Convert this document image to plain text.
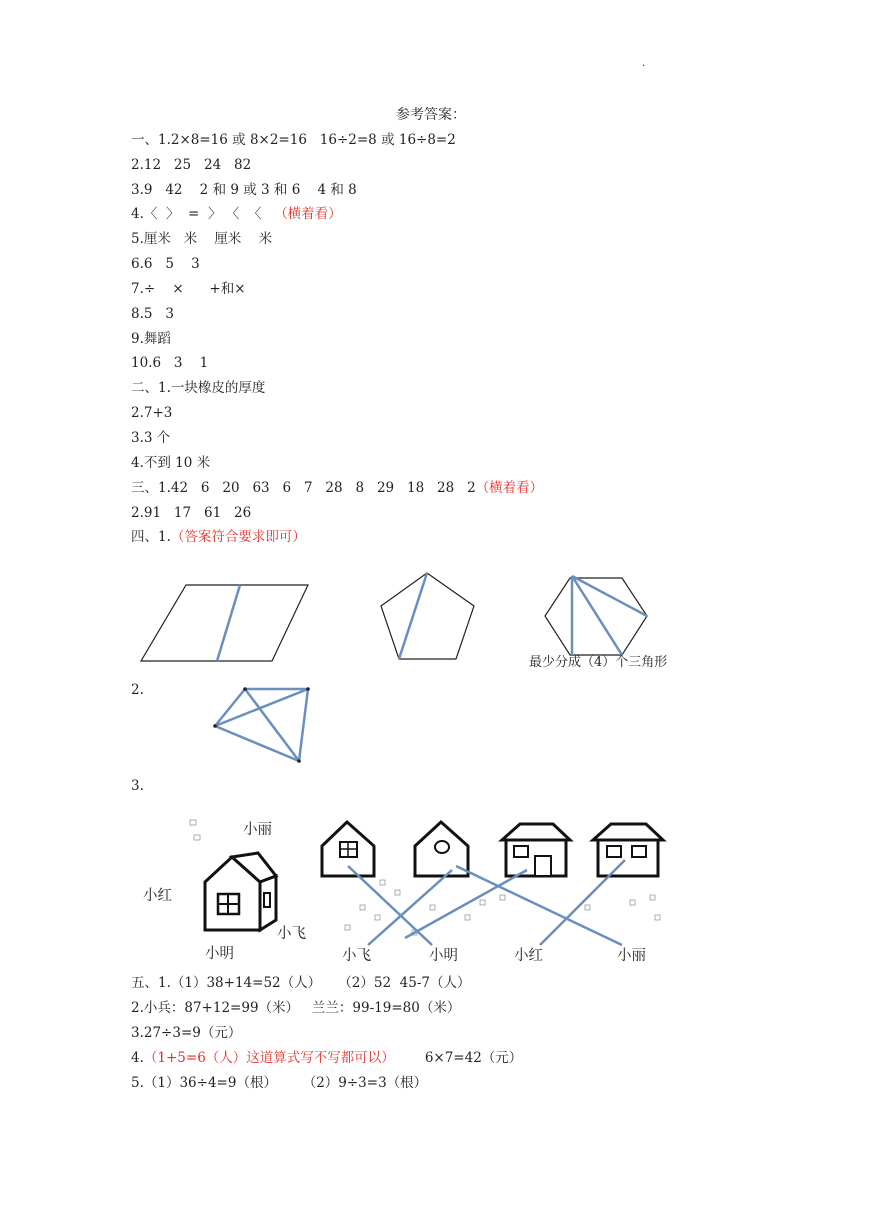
.
参考答案：
一、1.2×8=16 或 8×2=16   16÷2=8 或 16÷8=2
2.12   25   24   82
3.9   42    2 和 9 或 3 和 6    4 和 8
4.〈  〉  =  〉 〈  〈   （横着看）
5.厘米   米    厘米    米
6.6   5    3
7.÷    ×      +和×
8.5   3
9.舞蹈
10.6   3    1
二、1.一块橡皮的厚度
2.7+3
3.3 个
4.不到 10 米
三、1.42   6   20   63   6   7   28   8   29   18   28   2（横着看）
2.91   17   61   26
四、1.（答案符合要求即可）
最少分成（4）个三角形
2.
3.
小丽
小红
小飞
小明	小飞	小明	小红	小丽
五、1.（1）38+14=52（人）    （2）52  45-7（人）
2.小兵：87+12=99（米）   兰兰：99-19=80（米）
3.27÷3=9（元）
4.（1+5=6（人）这道算式写不写都可以）       6×7=42（元）
5.（1）36÷4=9（根）      （2）9÷3=3（根）
